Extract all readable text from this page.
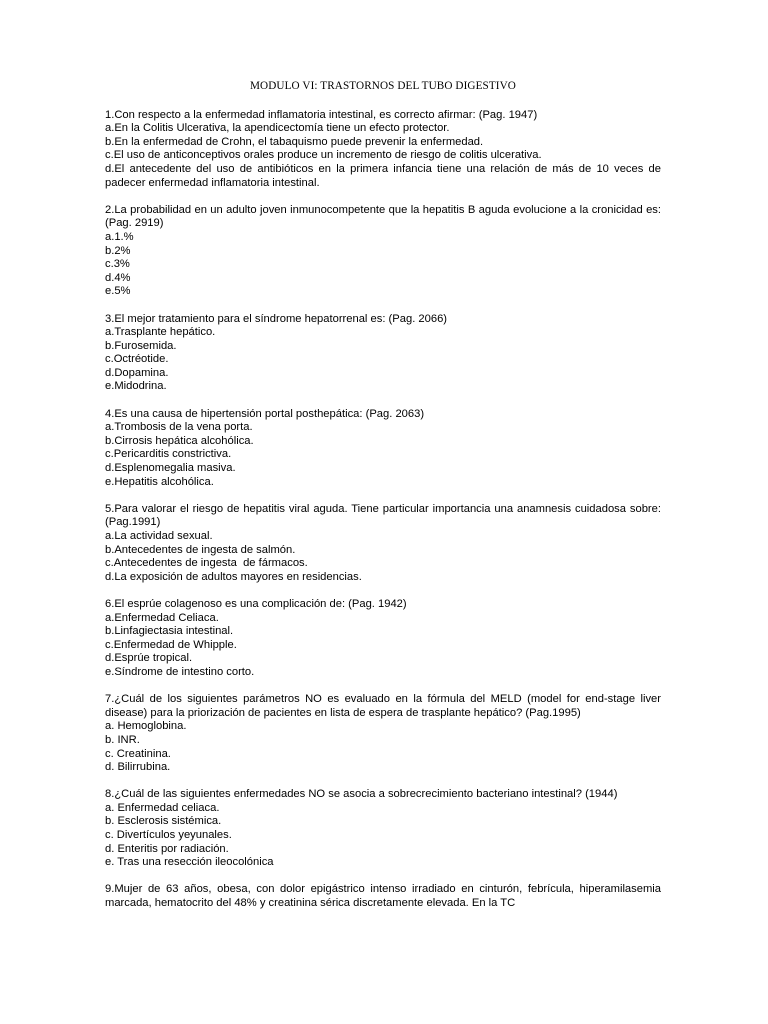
MODULO VI: TRASTORNOS DEL TUBO DIGESTIVO
1.Con respecto a la enfermedad inflamatoria intestinal, es correcto afirmar: (Pag. 1947)
a.En la Colitis Ulcerativa, la apendicectomía tiene un efecto protector.
b.En la enfermedad de Crohn, el tabaquismo puede prevenir la enfermedad.
c.El uso de anticonceptivos orales produce un incremento de riesgo de colitis ulcerativa.
d.El antecedente del uso de antibióticos en la primera infancia tiene una relación de más de 10 veces de padecer enfermedad inflamatoria intestinal.
2.La probabilidad en un adulto joven inmunocompetente que la hepatitis B aguda evolucione a la cronicidad es: (Pag. 2919)
a.1.%
b.2%
c.3%
d.4%
e.5%
3.El mejor tratamiento para el síndrome hepatorrenal es: (Pag. 2066)
a.Trasplante hepático.
b.Furosemida.
c.Octréotide.
d.Dopamina.
e.Midodrina.
4.Es una causa de hipertensión portal posthepática: (Pag. 2063)
a.Trombosis de la vena porta.
b.Cirrosis hepática alcohólica.
c.Pericarditis constrictiva.
d.Esplenomegalia masiva.
e.Hepatitis alcohólica.
5.Para valorar el riesgo de hepatitis viral aguda. Tiene particular importancia una anamnesis cuidadosa sobre: (Pag.1991)
a.La actividad sexual.
b.Antecedentes de ingesta de salmón.
c.Antecedentes de ingesta  de fármacos.
d.La exposición de adultos mayores en residencias.
6.El esprúe colagenoso es una complicación de: (Pag. 1942)
a.Enfermedad Celiaca.
b.Linfagiectasia intestinal.
c.Enfermedad de Whipple.
d.Esprúe tropical.
e.Síndrome de intestino corto.
7.¿Cuál de los siguientes parámetros NO es evaluado en la fórmula del MELD (model for end-stage liver disease) para la priorización de pacientes en lista de espera de trasplante hepático? (Pag.1995)
a. Hemoglobina.
b. INR.
c. Creatinina.
d. Bilirrubina.
8.¿Cuál de las siguientes enfermedades NO se asocia a sobrecrecimiento bacteriano intestinal? (1944)
a. Enfermedad celiaca.
b. Esclerosis sistémica.
c. Divertículos yeyunales.
d. Enteritis por radiación.
e. Tras una resección ileocolónica
9.Mujer de 63 años, obesa, con dolor epigástrico intenso irradiado en cinturón, febrícula, hiperamilasemia marcada, hematocrito del 48% y creatinina sérica discretamente elevada. En la TC
